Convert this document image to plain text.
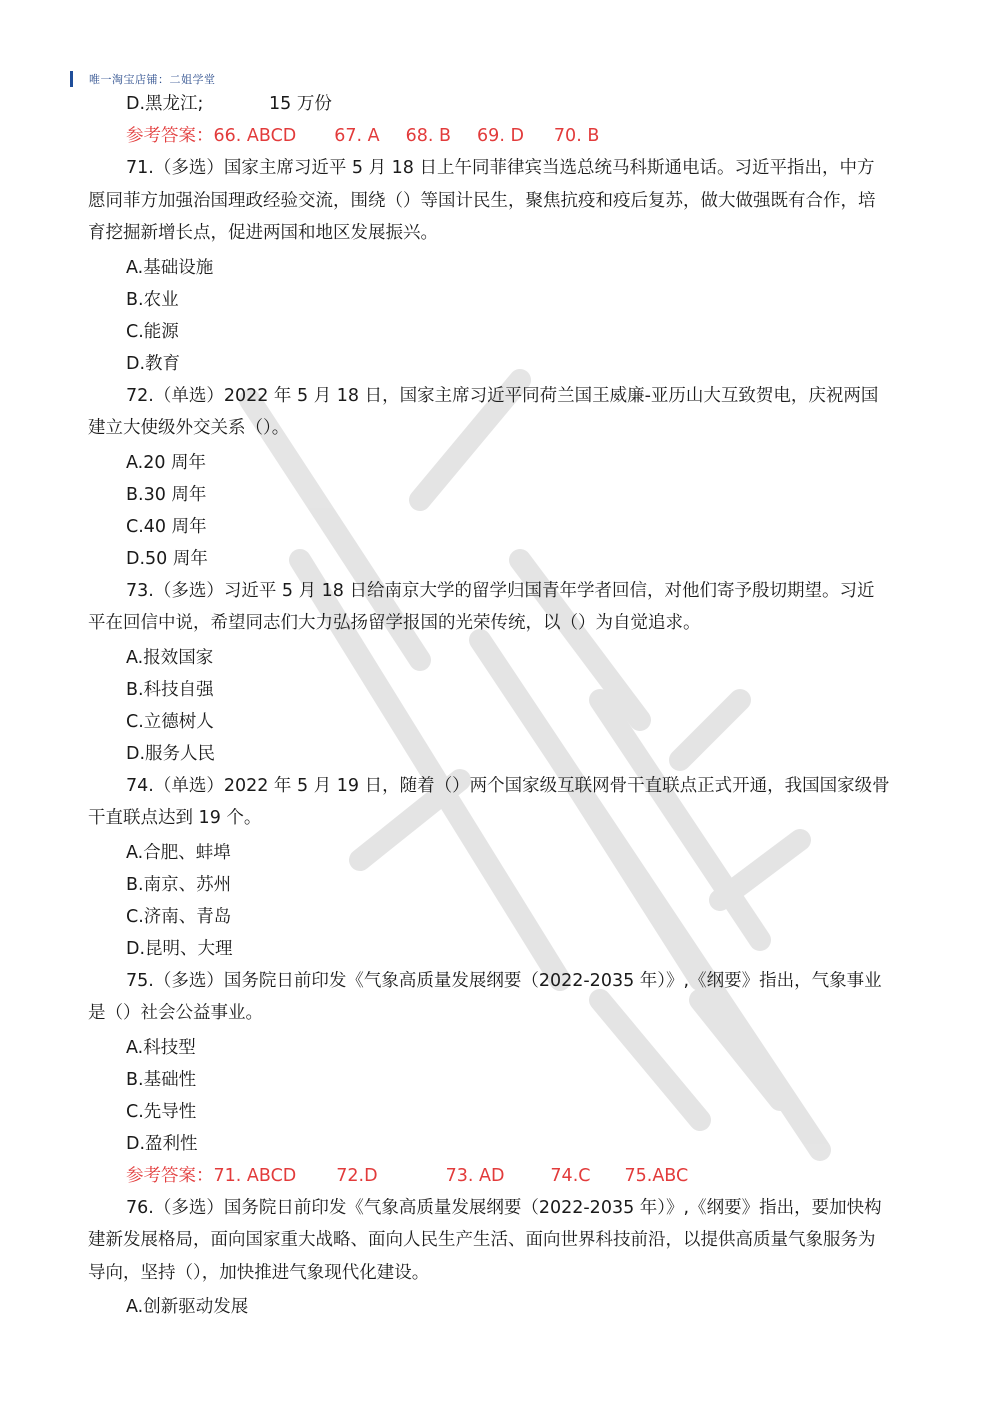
唯一淘宝店铺：二姐学堂
D.黑龙江;	15 万份
参考答案：66. ABCD 67. A 68. B 69. D 70. B
71.（多选）国家主席习近平 5 月 18 日上午同菲律宾当选总统马科斯通电话。习近平指出，中方
愿同菲方加强治国理政经验交流，围绕（）等国计民生，聚焦抗疫和疫后复苏，做大做强既有合作，培
育挖掘新增长点，促进两国和地区发展振兴。
A.基础设施
B.农业
C.能源
D.教育
72.（单选）2022 年 5 月 18 日，国家主席习近平同荷兰国王威廉-亚历山大互致贺电，庆祝两国
建立大使级外交关系（）。
A.20 周年
B.30 周年
C.40 周年
D.50 周年
73.（多选）习近平 5 月 18 日给南京大学的留学归国青年学者回信，对他们寄予殷切期望。习近
平在回信中说，希望同志们大力弘扬留学报国的光荣传统，以（）为自觉追求。
A.报效国家
B.科技自强
C.立德树人
D.服务人民
74.（单选）2022 年 5 月 19 日，随着（）两个国家级互联网骨干直联点正式开通，我国国家级骨
干直联点达到 19 个。
A.合肥、蚌埠
B.南京、苏州
C.济南、青岛
D.昆明、大理
75.（多选）国务院日前印发《气象高质量发展纲要（2022-2035 年）》,《纲要》指出，气象事业
是（）社会公益事业。
A.科技型
B.基础性
C.先导性
D.盈利性
参考答案：71. ABCD 72.D	73. AD	74.C 75.ABC
76.（多选）国务院日前印发《气象高质量发展纲要（2022-2035 年）》,《纲要》指出，要加快构
建新发展格局，面向国家重大战略、面向人民生产生活、面向世界科技前沿，以提供高质量气象服务为
导向，坚持（），加快推进气象现代化建设。
A.创新驱动发展
